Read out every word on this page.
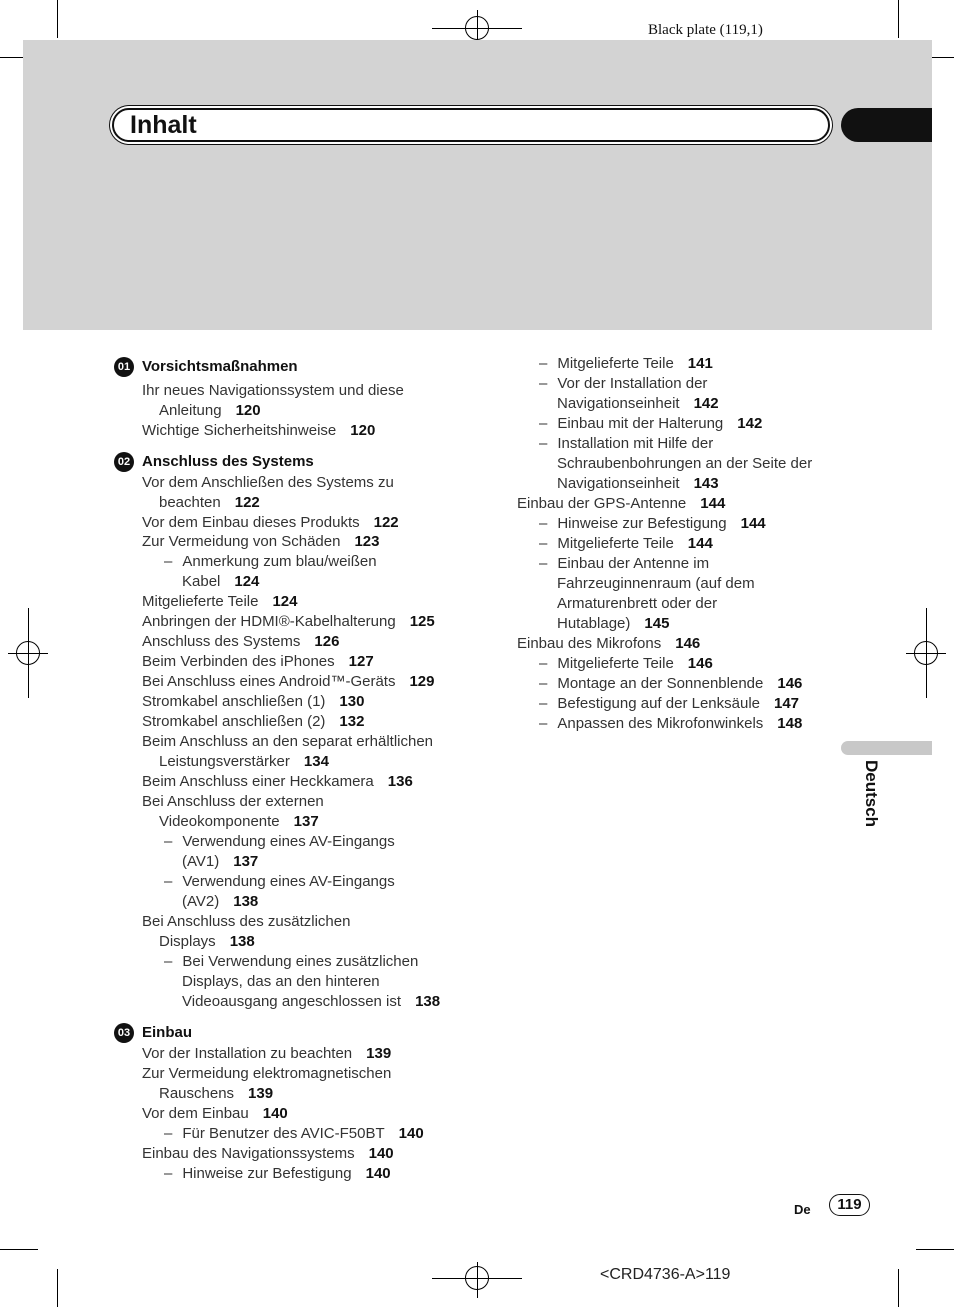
Black plate (119,1)
Inhalt
01 Vorsichtsmaßnahmen
02 Anschluss des Systems
03 Einbau
Ihr neues Navigationssystem und diese
Anleitung 120
Wichtige Sicherheitshinweise 120
Vor dem Anschließen des Systems zu
beachten 122
Vor dem Einbau dieses Produkts 122
Zur Vermeidung von Schäden 123
– Anmerkung zum blau/weißen
Kabel 124
Mitgelieferte Teile 124
Anbringen der HDMI®-Kabelhalterung 125
Anschluss des Systems 126
Beim Verbinden des iPhones 127
Bei Anschluss eines Android™-Geräts 129
Stromkabel anschließen (1) 130
Stromkabel anschließen (2) 132
Beim Anschluss an den separat erhältlichen
Leistungsverstärker 134
Beim Anschluss einer Heckkamera 136
Bei Anschluss der externen
Videokomponente 137
– Verwendung eines AV-Eingangs
(AV1) 137
– Verwendung eines AV-Eingangs
(AV2) 138
Bei Anschluss des zusätzlichen
Displays 138
– Bei Verwendung eines zusätzlichen
Displays, das an den hinteren
Videoausgang angeschlossen ist 138
Vor der Installation zu beachten 139
Zur Vermeidung elektromagnetischen
Rauschens 139
Vor dem Einbau 140
– Für Benutzer des AVIC-F50BT 140
Einbau des Navigationssystems 140
– Hinweise zur Befestigung 140
– Mitgelieferte Teile 141
– Vor der Installation der
Navigationseinheit 142
– Einbau mit der Halterung 142
– Installation mit Hilfe der
Schraubenbohrungen an der Seite der
Navigationseinheit 143
Einbau der GPS-Antenne 144
– Hinweise zur Befestigung 144
– Mitgelieferte Teile 144
– Einbau der Antenne im
Fahrzeuginnenraum (auf dem
Armaturenbrett oder der
Hutablage) 145
Einbau des Mikrofons 146
– Mitgelieferte Teile 146
– Montage an der Sonnenblende 146
– Befestigung auf der Lenksäule 147
– Anpassen des Mikrofonwinkels 148
Deutsch
De	119
<CRD4736-A>119
